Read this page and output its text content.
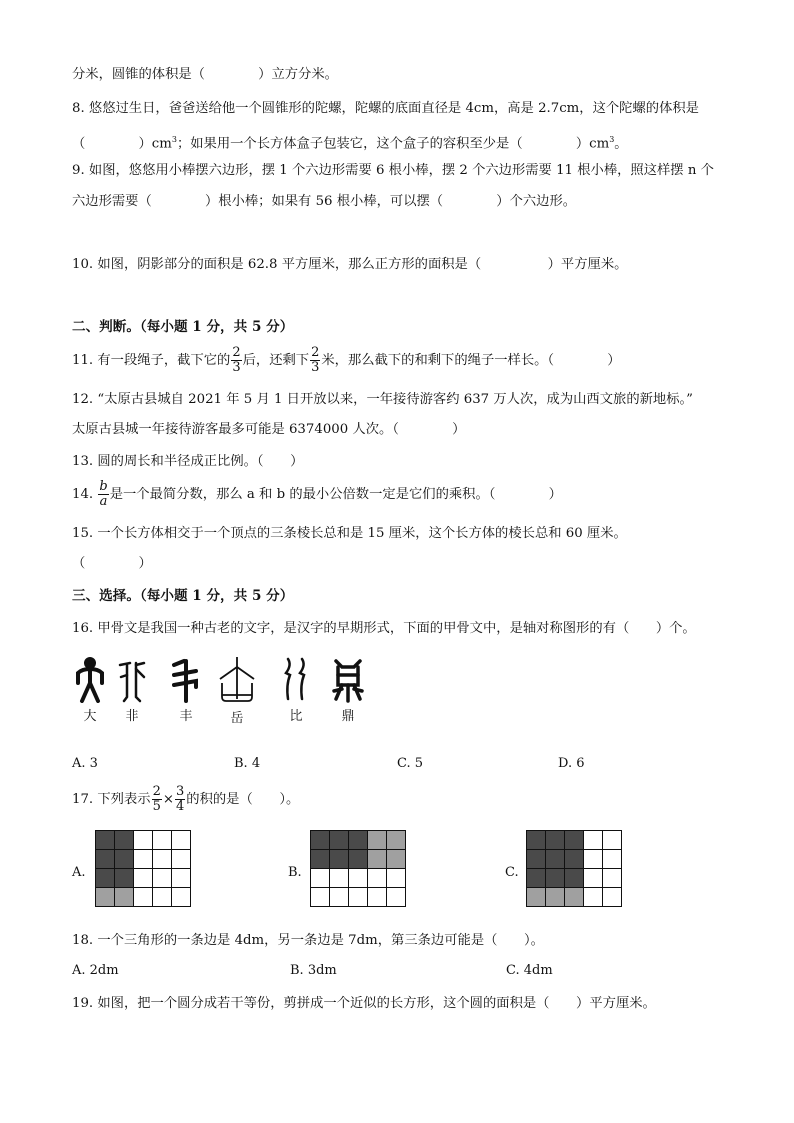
分米，圆锥的体积是（　　　　）立方分米。
8. 悠悠过生日，爸爸送给他一个圆锥形的陀螺，陀螺的底面直径是 4cm，高是 2.7cm，这个陀螺的体积是
（　　　　）$cm^3$；如果用一个长方体盒子包装它，这个盒子的容积至少是（　　　　）$cm^3$。
9. 如图，悠悠用小棒摆六边形，摆 1 个六边形需要 6 根小棒，摆 2 个六边形需要 11 根小棒，照这样摆 n 个
六边形需要（　　　　）根小棒；如果有 56 根小棒，可以摆（　　　　）个六边形。
10. 如图，阴影部分的面积是 62.8 平方厘米，那么正方形的面积是（　　　　　）平方厘米。
二、判断。（每小题 1 分，共 5 分）
11. 有一段绳子，截下它的 $\frac{2}{3}$ 后，还剩下 $\frac{2}{3}$ 米，那么截下的和剩下的绳子一样长。（　　　　）
12. “太原古县城自 2021 年 5 月 1 日开放以来，一年接待游客约 637 万人次，成为山西文旅的新地标。”
太原古县城一年接待游客最多可能是 6374000 人次。（　　　　）
13. 圆的周长和半径成正比例。（　　）
14. $\frac{b}{a}$ 是一个最简分数，那么 a 和 b 的最小公倍数一定是它们的乘积。（　　　　）
15. 一个长方体相交于一个顶点的三条棱长总和是 15 厘米，这个长方体的棱长总和 60 厘米。
（　　　　）
三、选择。（每小题 1 分，共 5 分）
16. 甲骨文是我国一种古老的文字，是汉字的早期形式，下面的甲骨文中，是轴对称图形的有（　　）个。
大	非	丰	岳	比	鼎
A. 3	B. 4	C. 5	D. 6
17. 下列表示 $\frac{2}{5} \times \frac{3}{4}$ 的积的是（　　）。
A.

					B.

					C.

18. 一个三角形的一条边是 4dm，另一条边是 7dm，第三条边可能是（　　）。
A. 2dm	B. 3dm	C. 4dm
19. 如图，把一个圆分成若干等份，剪拼成一个近似的长方形，这个圆的面积是（　　）平方厘米。
